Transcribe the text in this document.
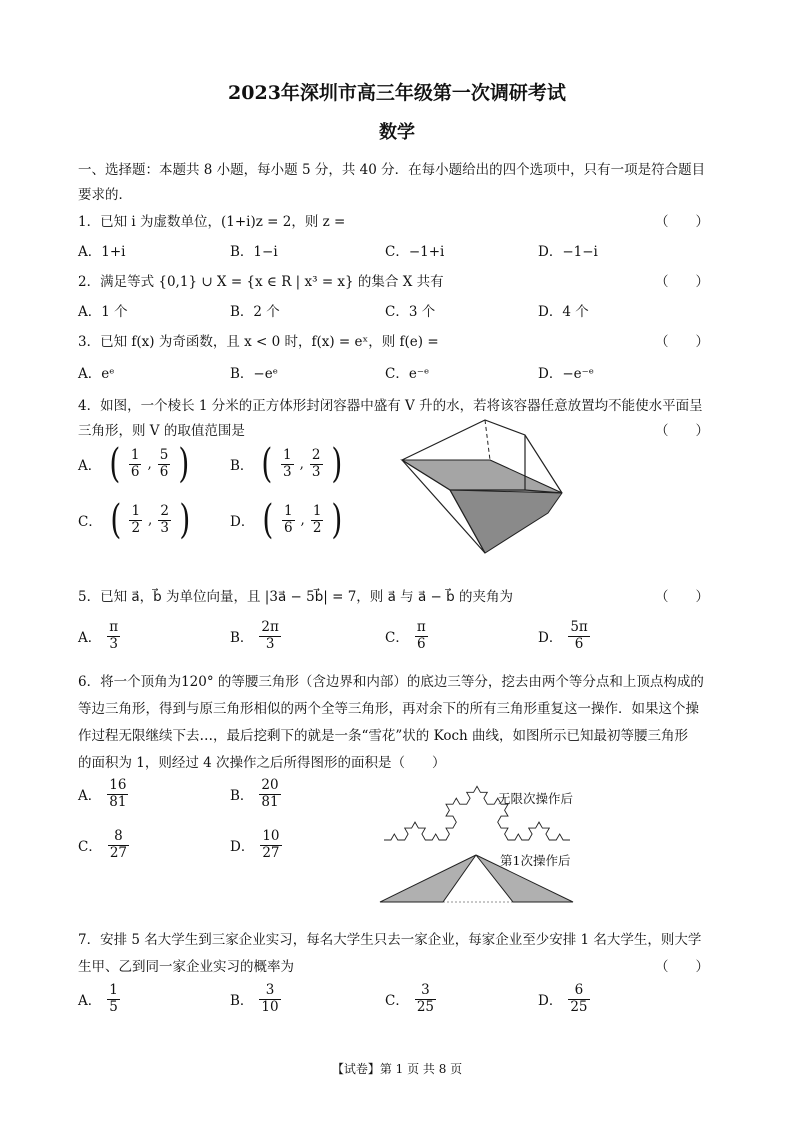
2023年深圳市高三年级第一次调研考试
数学
一、选择题：本题共 8 小题，每小题 5 分，共 40 分．在每小题给出的四个选项中，只有一项是符合题目
要求的．
1．已知 i 为虚数单位，(1+i)z = 2，则 z =	（　　）
A．1+i	B．1−i	C．−1+i	D．−1−i
2．满足等式 {0,1} ∪ X = {x ∈ R | x³ = x} 的集合 X 共有	（　　）
A．1 个	B．2 个	C．3 个	D．4 个
3．已知 f(x) 为奇函数，且 x < 0 时，f(x) = eˣ，则 f(e) =	（　　）
A．eᵉ	B．−eᵉ	C．e⁻ᵉ	D．−e⁻ᵉ
4．如图，一个棱长 1 分米的正方体形封闭容器中盛有 V 升的水，若将该容器任意放置均不能使水平面呈
三角形，则 V 的取值范围是	（　　）
A． ( $\frac{1}{6}$ , $\frac{5}{6}$ )	B． ( $\frac{1}{3}$ , $\frac{2}{3}$ )
C． ( $\frac{1}{2}$ , $\frac{2}{3}$ )	D． ( $\frac{1}{6}$ , $\frac{1}{2}$ )
5．已知 a⃗，b⃗ 为单位向量，且 |3a⃗ − 5b⃗| = 7，则 a⃗ 与 a⃗ − b⃗ 的夹角为	（　　）
A． $\frac{\pi}{3}$	B． $\frac{2\pi}{3}$	C． $\frac{\pi}{6}$	D． $\frac{5\pi}{6}$
6．将一个顶角为120° 的等腰三角形（含边界和内部）的底边三等分，挖去由两个等分点和上顶点构成的
等边三角形，得到与原三角形相似的两个全等三角形，再对余下的所有三角形重复这一操作．如果这个操
作过程无限继续下去…，最后挖剩下的就是一条“雪花”状的 Koch 曲线，如图所示已知最初等腰三角形
的面积为 1，则经过 4 次操作之后所得图形的面积是（　　）
A． $\frac{16}{81}$	B． $\frac{20}{81}$
C． $\frac{8}{27}$	D． $\frac{10}{27}$
无限次操作后
第1次操作后
7．安排 5 名大学生到三家企业实习，每名大学生只去一家企业，每家企业至少安排 1 名大学生，则大学
生甲、乙到同一家企业实习的概率为	（　　）
A． $\frac{1}{5}$	B． $\frac{3}{10}$	C． $\frac{3}{25}$	D． $\frac{6}{25}$
【试卷】第 1 页 共 8 页
